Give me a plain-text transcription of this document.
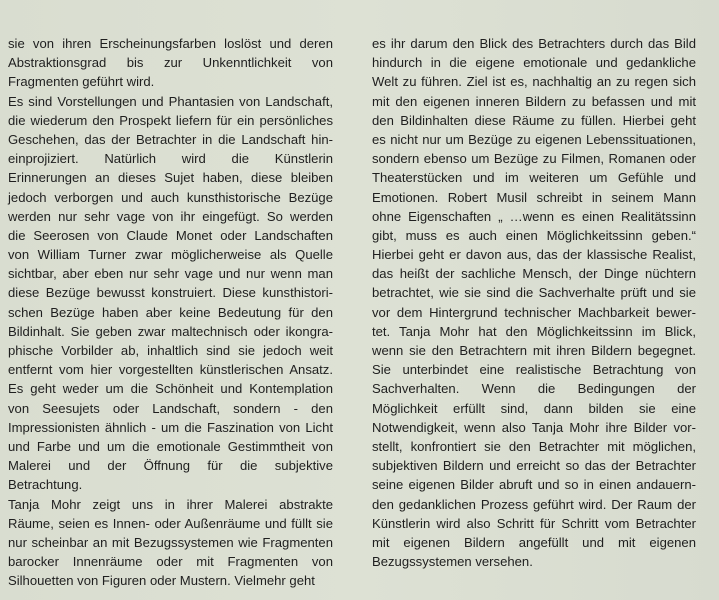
sie von ihren Erscheinungsfarben loslöst und deren
Abstraktionsgrad bis zur Unkenntlichkeit von
Fragmenten geführt wird.
Es sind Vorstellungen und Phantasien von Landschaft,
die wiederum den Prospekt liefern für ein persönliches
Geschehen, das der Betrachter in die Landschaft hin-
einprojiziert. Natürlich wird die Künstlerin
Erinnerungen an dieses Sujet haben, diese bleiben
jedoch verborgen und auch kunsthistorische Bezüge
werden nur sehr vage von ihr eingefügt. So werden
die Seerosen von Claude Monet oder Landschaften
von William Turner zwar möglicherweise als Quelle
sichtbar, aber eben nur sehr vage und nur wenn man
diese Bezüge bewusst konstruiert. Diese kunsthistori-
schen Bezüge haben aber keine Bedeutung für den
Bildinhalt. Sie geben zwar maltechnisch oder ikongra-
phische Vorbilder ab, inhaltlich sind sie jedoch weit
entfernt vom hier vorgestellten künstlerischen Ansatz.
Es geht weder um die Schönheit und Kontemplation
von Seesujets oder Landschaft, sondern - den
Impressionisten ähnlich - um die Faszination von Licht
und Farbe und um die emotionale Gestimmtheit von
Malerei und der Öffnung für die subjektive
Betrachtung.
Tanja Mohr zeigt uns in ihrer Malerei abstrakte
Räume, seien es Innen- oder Außenräume und füllt sie
nur scheinbar an mit Bezugssystemen wie Fragmenten
barocker Innenräume oder mit Fragmenten von
Silhouetten von Figuren oder Mustern. Vielmehr geht
es ihr darum den Blick des Betrachters durch das Bild
hindurch in die eigene emotionale und gedankliche
Welt zu führen. Ziel ist es, nachhaltig an zu regen sich
mit den eigenen inneren Bildern zu befassen und mit
den Bildinhalten diese Räume zu füllen. Hierbei geht
es nicht nur um Bezüge zu eigenen Lebenssituationen,
sondern ebenso um Bezüge zu Filmen, Romanen oder
Theaterstücken und im weiteren um Gefühle und
Emotionen. Robert Musil schreibt in seinem Mann
ohne Eigenschaften „ …wenn es einen Realitätssinn
gibt, muss es auch einen Möglichkeitssinn geben.“
Hierbei geht er davon aus, das der klassische Realist,
das heißt der sachliche Mensch, der Dinge nüchtern
betrachtet, wie sie sind die Sachverhalte prüft und sie
vor dem Hintergrund technischer Machbarkeit bewer-
tet. Tanja Mohr hat den Möglichkeitssinn im Blick,
wenn sie den Betrachtern mit ihren Bildern begegnet.
Sie unterbindet eine realistische Betrachtung von
Sachverhalten. Wenn die Bedingungen der
Möglichkeit erfüllt sind, dann bilden sie eine
Notwendigkeit, wenn also Tanja Mohr ihre Bilder vor-
stellt, konfrontiert sie den Betrachter mit möglichen,
subjektiven Bildern und erreicht so das der Betrachter
seine eigenen Bilder abruft und so in einen andauern-
den gedanklichen Prozess geführt wird. Der Raum der
Künstlerin wird also Schritt für Schritt vom Betrachter
mit eigenen Bildern angefüllt und mit eigenen
Bezugssystemen versehen.
